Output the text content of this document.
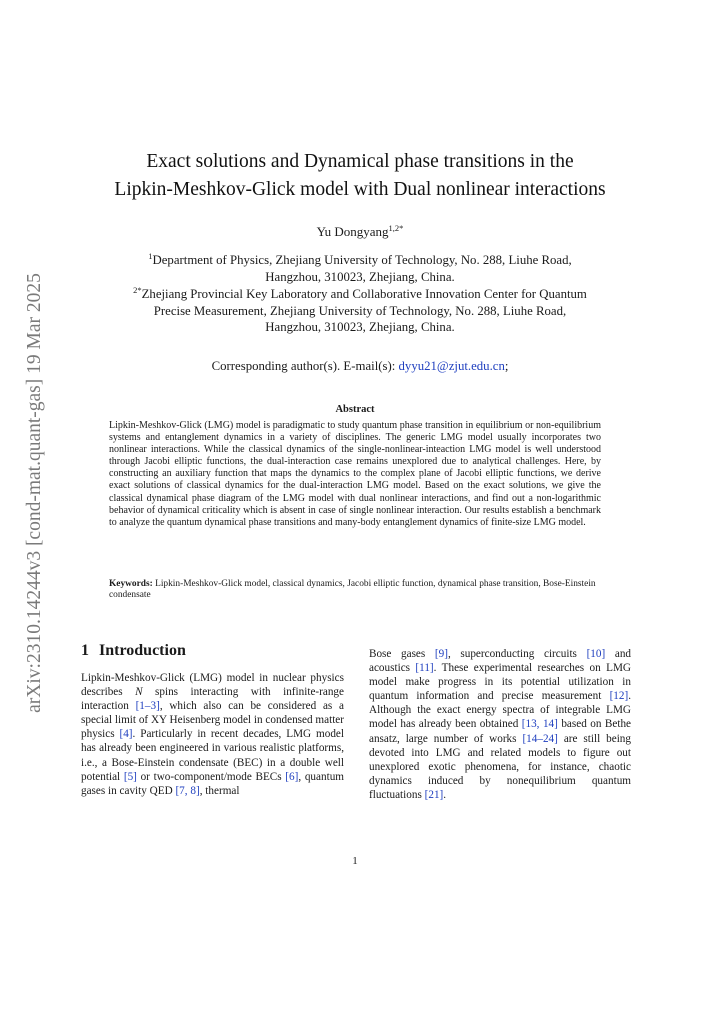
arXiv:2310.14244v3 [cond-mat.quant-gas] 19 Mar 2025
Exact solutions and Dynamical phase transitions in the
Lipkin-Meshkov-Glick model with Dual nonlinear interactions
Yu Dongyang$^{1,2*}$
$^1$Department of Physics, Zhejiang University of Technology, No. 288, Liuhe Road,
Hangzhou, 310023, Zhejiang, China.
$^{2*}$Zhejiang Provincial Key Laboratory and Collaborative Innovation Center for Quantum
Precise Measurement, Zhejiang University of Technology, No. 288, Liuhe Road,
Hangzhou, 310023, Zhejiang, China.
Corresponding author(s). E-mail(s): dyyu21@zjut.edu.cn;
Abstract
Lipkin-Meshkov-Glick (LMG) model is paradigmatic to study quantum phase transition in equilibrium or non-equilibrium systems and entanglement dynamics in a variety of disciplines. The generic LMG model usually incorporates two nonlinear interactions. While the classical dynamics of the single-nonlinear-inteaction LMG model is well understood through Jacobi elliptic functions, the dual-interaction case remains unexplored due to analytical challenges. Here, by constructing an auxiliary function that maps the dynamics to the complex plane of Jacobi elliptic functions, we derive exact solutions of classical dynamics for the dual-interaction LMG model. Based on the exact solutions, we give the classical dynamical phase diagram of the LMG model with dual nonlinear interactions, and find out a non-logarithmic behavior of dynamical criticality which is absent in case of single nonlinear interaction. Our results establish a benchmark to analyze the quantum dynamical phase transitions and many-body entanglement dynamics of finite-size LMG model.
Keywords: Lipkin-Meshkov-Glick model, classical dynamics, Jacobi elliptic function, dynamical phase transition, Bose-Einstein condensate
1 Introduction
Lipkin-Meshkov-Glick (LMG) model in nuclear physics describes N spins interacting with infinite-range interaction [1–3], which also can be considered as a special limit of XY Heisenberg model in condensed matter physics [4]. Particularly in recent decades, LMG model has already been engineered in various realistic platforms, i.e., a Bose-Einstein condensate (BEC) in a double well potential [5] or two-component/mode BECs [6], quantum gases in cavity QED [7, 8], thermal
Bose gases [9], superconducting circuits [10] and acoustics [11]. These experimental researches on LMG model make progress in its potential utilization in quantum information and precise measurement [12]. Although the exact energy spectra of integrable LMG model has already been obtained [13, 14] based on Bethe ansatz, large number of works [14–24] are still being devoted into LMG and related models to figure out unexplored exotic phenomena, for instance, chaotic dynamics induced by nonequilibrium quantum fluctuations [21].
1
